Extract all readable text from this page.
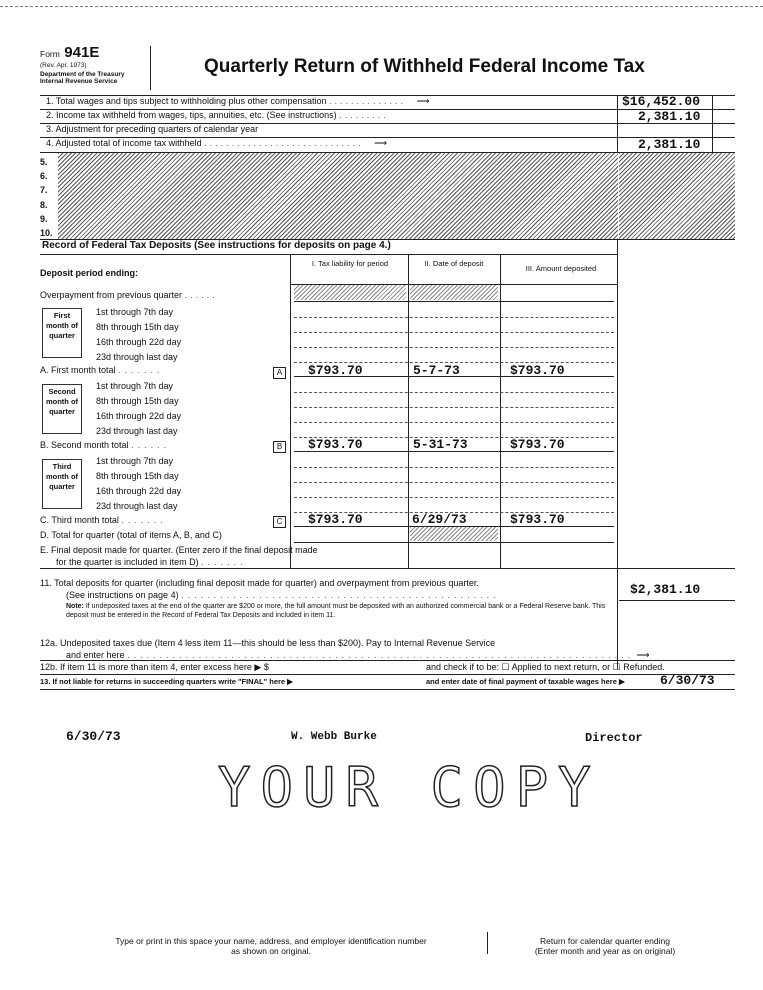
Form 941E
(Rev. Apr. 1973)
Department of the Treasury
Internal Revenue Service
Quarterly Return of Withheld Federal Income Tax
1. Total wages and tips subject to withholding plus other compensation .............. ⟶	$16,452.00
2. Income tax withheld from wages, tips, annuities, etc. (See instructions) .........	2,381.10
3. Adjustment for preceding quarters of calendar year
4. Adjusted total of income tax withheld ............................. ⟶	2,381.10
5.
6.
7.
8.
9.
10.
Record of Federal Tax Deposits (See instructions for deposits on page 4.)
Deposit period ending:
I. Tax liability for period	II. Date of deposit
III. Amount deposited
Overpayment from previous quarter ......
First month of quarter
1st through 7th day
8th through 15th day
16th through 22d day
23d through last day
A. First month total .......	A $793.70	5-7-73	$793.70
Second month of quarter
1st through 7th day
8th through 15th day
16th through 22d day
23d through last day
B. Second month total ......	B $793.70	5-31-73	$793.70
Third month of quarter
1st through 7th day
8th through 15th day
16th through 22d day
23d through last day
C. Third month total .......	C $793.70	6/29/73	$793.70
D. Total for quarter (total of items A, B, and C)
E. Final deposit made for quarter. (Enter zero if the final deposit made
for the quarter is included in item D) .......
11. Total deposits for quarter (including final deposit made for quarter) and overpayment from previous quarter.
(See instructions on page 4) .................................................	$2,381.10
Note: If undeposited taxes at the end of the quarter are $200 or more, the full amount must be deposited with an authorized commercial bank or a Federal Reserve bank. This deposit must be entered in the Record of Federal Tax Deposits and included in item 11.
12a. Undeposited taxes due (Item 4 less item 11—this should be less than $200). Pay to Internal Revenue Service
and enter here .............................................................................. ⟶
12b. If item 11 is more than item 4, enter excess here ▶ $	and check if to be: ☐ Applied to next return, or ☐ Refunded.
13. If not liable for returns in succeeding quarters write "FINAL" here ▶	and enter date of final payment of taxable wages here ▶	6/30/73
6/30/73	W. Webb Burke	Director
YOUR COPY
Type or print in this space your name, address, and employer identification number
as shown on original.
Return for calendar quarter ending
(Enter month and year as on original)
